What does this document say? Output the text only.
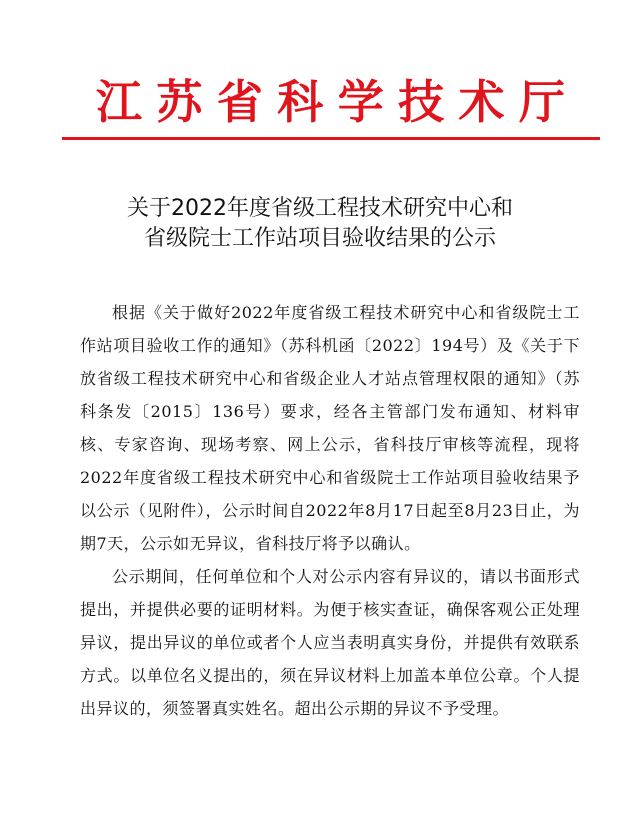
江 苏 省 科 学 技 术 厅
关于2022年度省级工程技术研究中心和
省级院士工作站项目验收结果的公示

根据《关于做好2022年度省级工程技术研究中心和省级院士工作站项目验收工作的通知》（苏科机函〔2022〕194号）及《关于下放省级工程技术研究中心和省级企业人才站点管理权限的通知》（苏科条发〔2015〕136号）要求，经各主管部门发布通知、材料审核、专家咨询、现场考察、网上公示，省科技厅审核等流程，现将2022年度省级工程技术研究中心和省级院士工作站项目验收结果予以公示（见附件），公示时间自2022年8月17日起至8月23日止，为期7天，公示如无异议，省科技厅将予以确认。

公示期间，任何单位和个人对公示内容有异议的，请以书面形式提出，并提供必要的证明材料。为便于核实查证，确保客观公正处理异议，提出异议的单位或者个人应当表明真实身份，并提供有效联系方式。以单位名义提出的，须在异议材料上加盖本单位公章。个人提出异议的，须签署真实姓名。超出公示期的异议不予受理。
